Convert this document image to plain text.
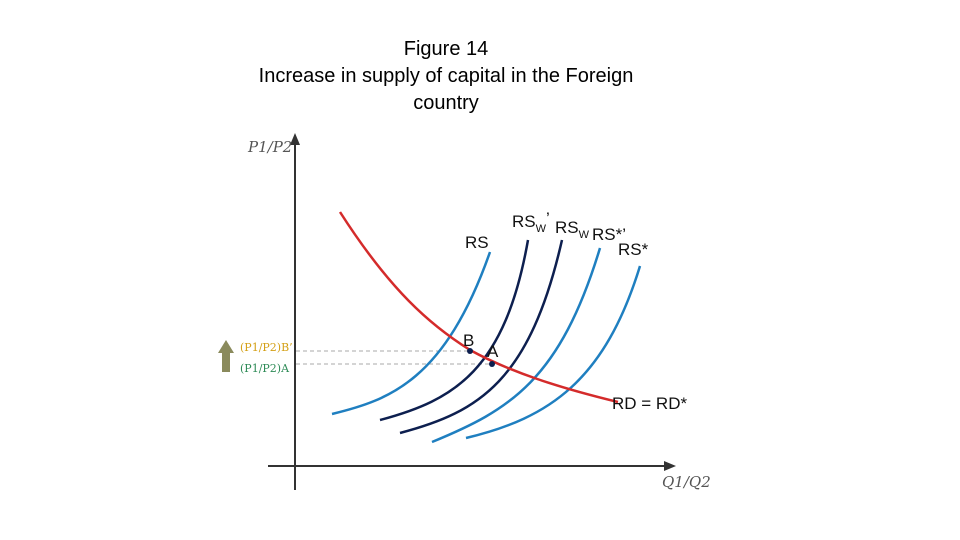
Figure 14
Increase in supply of capital in the Foreign
country
P1/P2
Q1/Q2
(P1/P2)B’
(P1/P2)A
RS
$RS_W$’ $RS_W$ RS*’
RS*
RD = RD*
B
A
